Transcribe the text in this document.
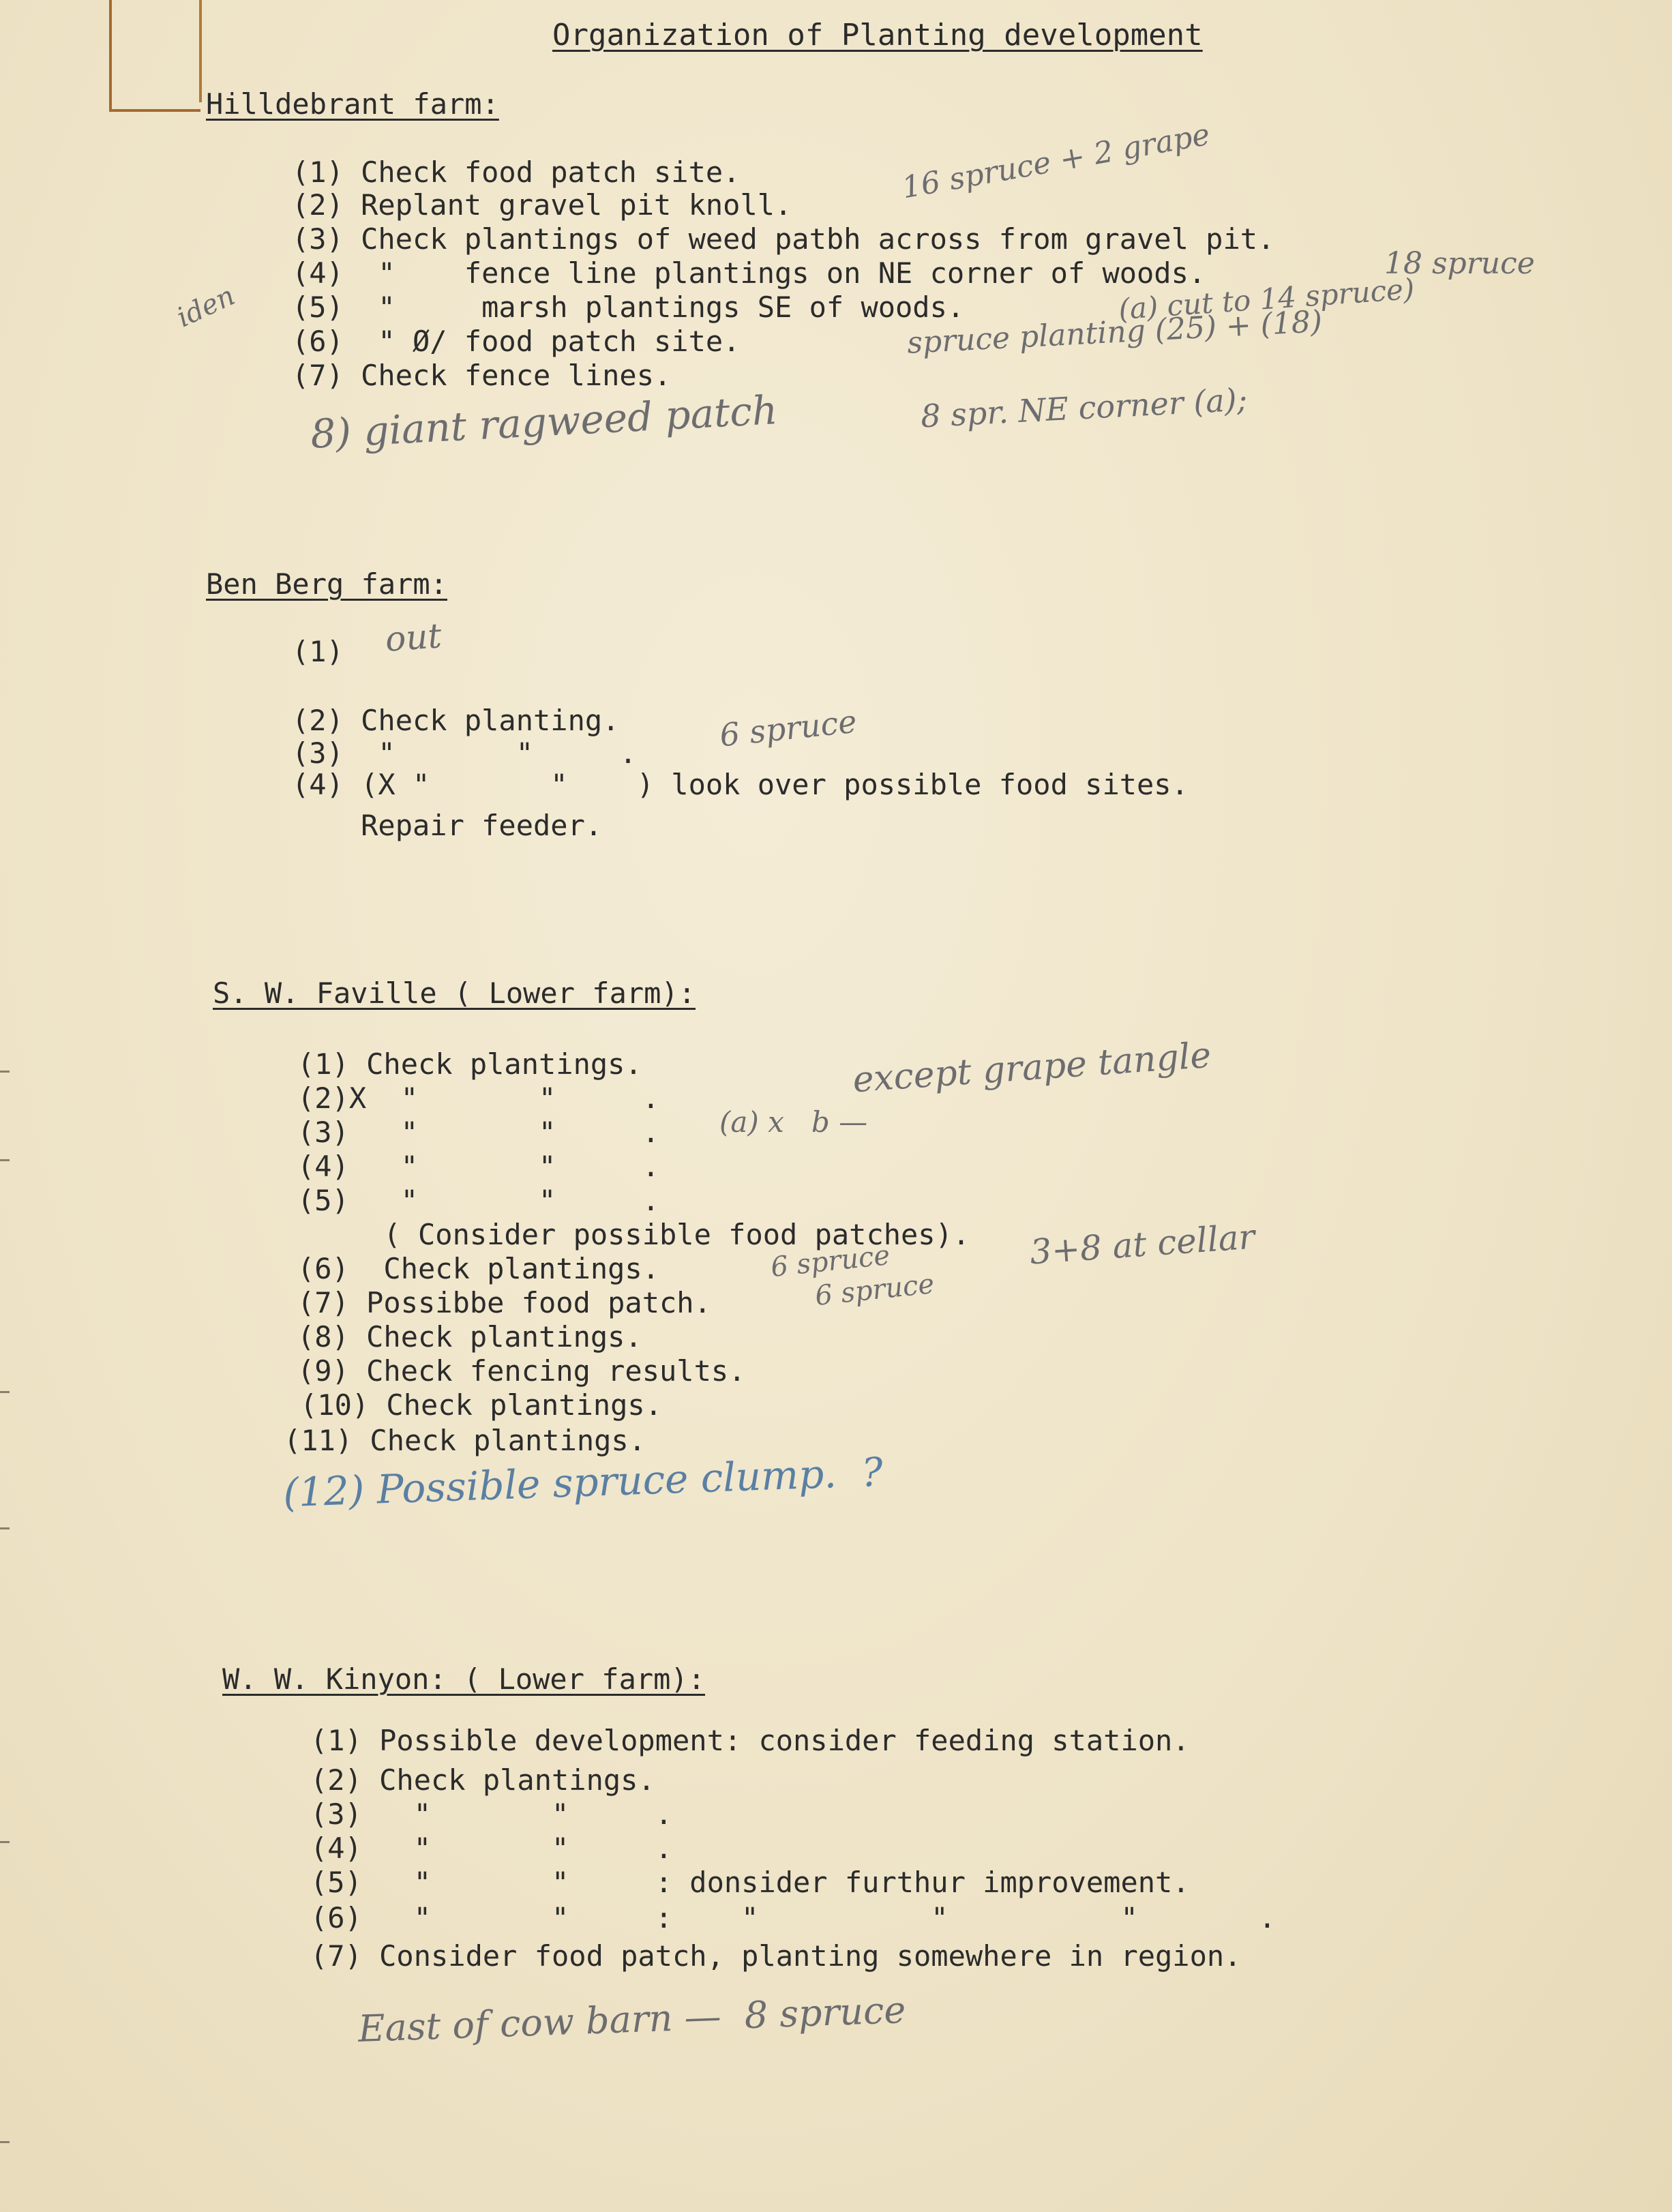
Organization of Planting development
Hilldebrant farm:
(1) Check food patch site.
(2) Replant gravel pit knoll.
(3) Check plantings of weed patbh across from gravel pit.
(4)  "    fence line plantings on NE corner of woods.
(5)  "     marsh plantings SE of woods.
(6)  " Ø/ food patch site.
(7) Check fence lines.
16 spruce + 2 grape
18 spruce
(a) cut to 14 spruce)
spruce planting (25) + (18)
iden
8) giant ragweed patch	8 spr. NE corner (a);
Ben Berg farm:
(1)
(2) Check planting.
(3)  "       "     .
(4) (X "       "    ) look over possible food sites.
Repair feeder.
out
6 spruce
S. W. Faville ( Lower farm):
(1) Check plantings.
(2)X  "       "     .
(3)   "       "     .
(4)   "       "     .
(5)   "       "     .
( Consider possible food patches).
(6)  Check plantings.
(7) Possibbe food patch.
(8) Check plantings.
(9) Check fencing results.
(10) Check plantings.
(11) Check plantings.
except grape tangle
(a) x   b —
6 spruce	3+8 at cellar
6 spruce
(12) Possible spruce clump.  ?
W. W. Kinyon: ( Lower farm):
(1) Possible development: consider feeding station.
(2) Check plantings.
(3)   "       "     .
(4)   "       "     .
(5)   "       "     : donsider furthur improvement.
(6)   "       "     :    "          "          "       .
(7) Consider food patch, planting somewhere in region.
East of cow barn —  8 spruce
